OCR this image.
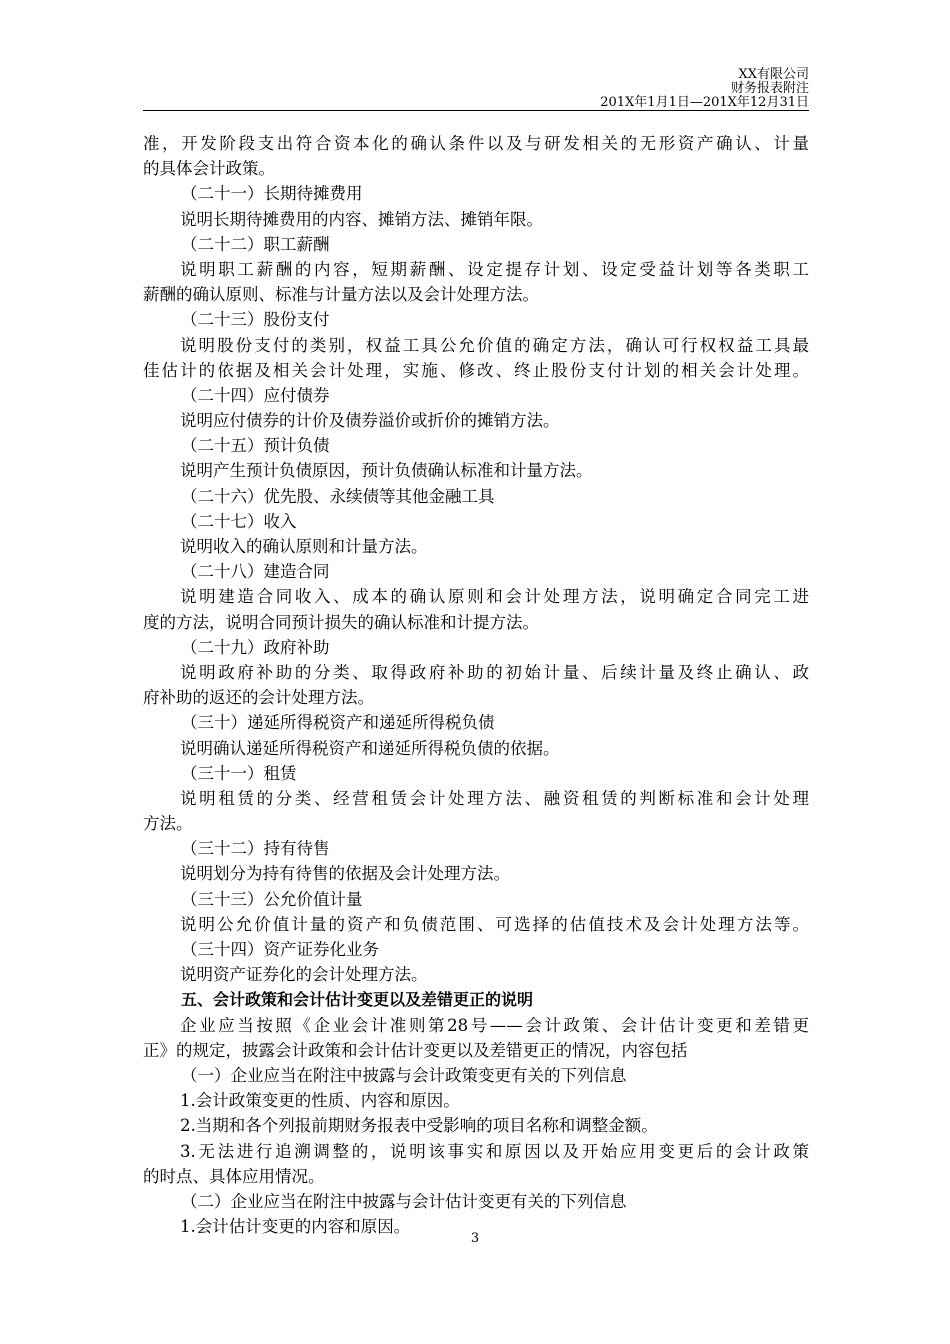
XX有限公司
财务报表附注
201X年1月1日—201X年12月31日
准，开发阶段支出符合资本化的确认条件以及与研发相关的无形资产确认、计量
的具体会计政策。
（二十一）长期待摊费用
说明长期待摊费用的内容、摊销方法、摊销年限。
（二十二）职工薪酬
说明职工薪酬的内容，短期薪酬、设定提存计划、设定受益计划等各类职工
薪酬的确认原则、标准与计量方法以及会计处理方法。
（二十三）股份支付
说明股份支付的类别，权益工具公允价值的确定方法，确认可行权权益工具最
佳估计的依据及相关会计处理，实施、修改、终止股份支付计划的相关会计处理。
（二十四）应付债券
说明应付债券的计价及债券溢价或折价的摊销方法。
（二十五）预计负债
说明产生预计负债原因，预计负债确认标准和计量方法。
（二十六）优先股、永续债等其他金融工具
（二十七）收入
说明收入的确认原则和计量方法。
（二十八）建造合同
说明建造合同收入、成本的确认原则和会计处理方法，说明确定合同完工进
度的方法，说明合同预计损失的确认标准和计提方法。
（二十九）政府补助
说明政府补助的分类、取得政府补助的初始计量、后续计量及终止确认、政
府补助的返还的会计处理方法。
（三十）递延所得税资产和递延所得税负债
说明确认递延所得税资产和递延所得税负债的依据。
（三十一）租赁
说明租赁的分类、经营租赁会计处理方法、融资租赁的判断标准和会计处理
方法。
（三十二）持有待售
说明划分为持有待售的依据及会计处理方法。
（三十三）公允价值计量
说明公允价值计量的资产和负债范围、可选择的估值技术及会计处理方法等。
（三十四）资产证券化业务
说明资产证券化的会计处理方法。
五、会计政策和会计估计变更以及差错更正的说明
企业应当按照《企业会计准则第28号——会计政策、会计估计变更和差错更
正》的规定，披露会计政策和会计估计变更以及差错更正的情况，内容包括
（一）企业应当在附注中披露与会计政策变更有关的下列信息
1.会计政策变更的性质、内容和原因。
2.当期和各个列报前期财务报表中受影响的项目名称和调整金额。
3.无法进行追溯调整的，说明该事实和原因以及开始应用变更后的会计政策
的时点、具体应用情况。
（二）企业应当在附注中披露与会计估计变更有关的下列信息
1.会计估计变更的内容和原因。
3
